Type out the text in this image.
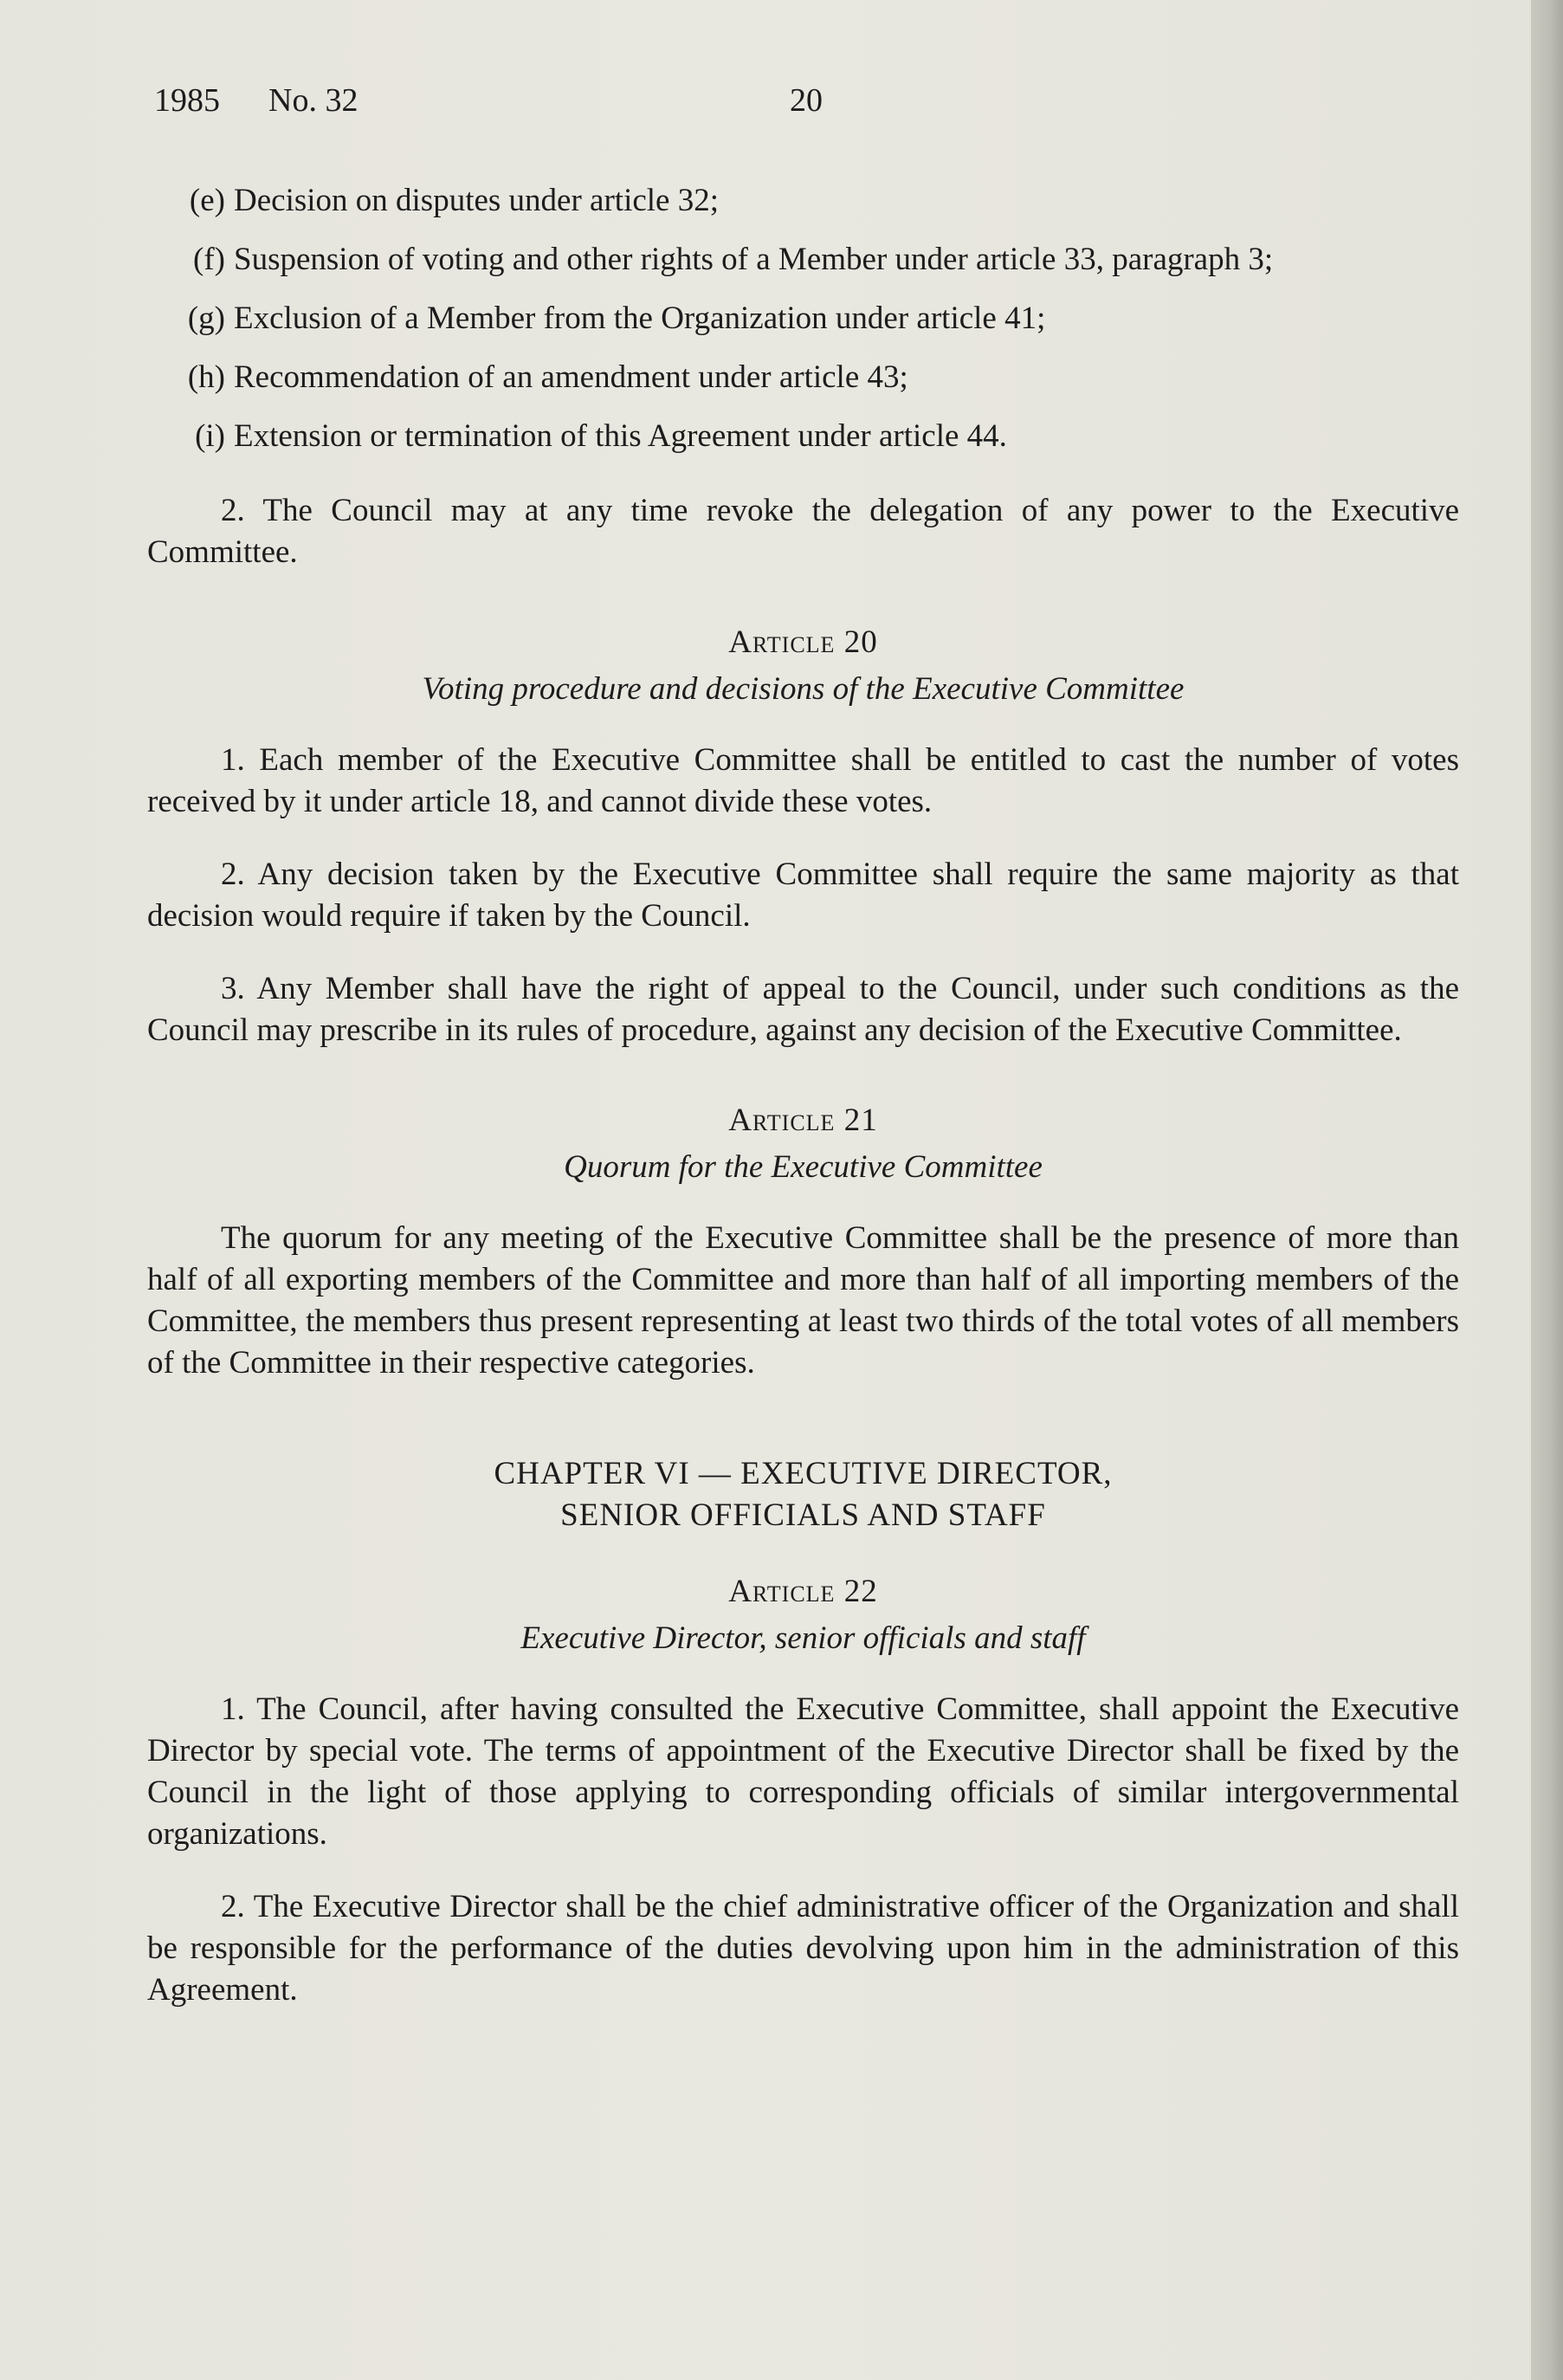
1985 No. 32	20
(e) Decision on disputes under article 32;
(f) Suspension of voting and other rights of a Member under article 33, paragraph 3;
(g) Exclusion of a Member from the Organization under article 41;
(h) Recommendation of an amendment under article 43;
(i) Extension or termination of this Agreement under article 44.

2. The Council may at any time revoke the delegation of any power to the Executive Committee.

Article 20
Voting procedure and decisions of the Executive Committee

1. Each member of the Executive Committee shall be entitled to cast the number of votes received by it under article 18, and cannot divide these votes.

2. Any decision taken by the Executive Committee shall require the same majority as that decision would require if taken by the Council.

3. Any Member shall have the right of appeal to the Council, under such conditions as the Council may prescribe in its rules of procedure, against any decision of the Executive Committee.

Article 21
Quorum for the Executive Committee

The quorum for any meeting of the Executive Committee shall be the presence of more than half of all exporting members of the Committee and more than half of all importing members of the Committee, the members thus present representing at least two thirds of the total votes of all members of the Committee in their respective categories.

CHAPTER VI — EXECUTIVE DIRECTOR,
SENIOR OFFICIALS AND STAFF
Article 22
Executive Director, senior officials and staff

1. The Council, after having consulted the Executive Committee, shall appoint the Executive Director by special vote. The terms of appointment of the Executive Director shall be fixed by the Council in the light of those applying to corresponding officials of similar intergovernmental organizations.

2. The Executive Director shall be the chief administrative officer of the Organization and shall be responsible for the performance of the duties devolving upon him in the administration of this Agreement.
